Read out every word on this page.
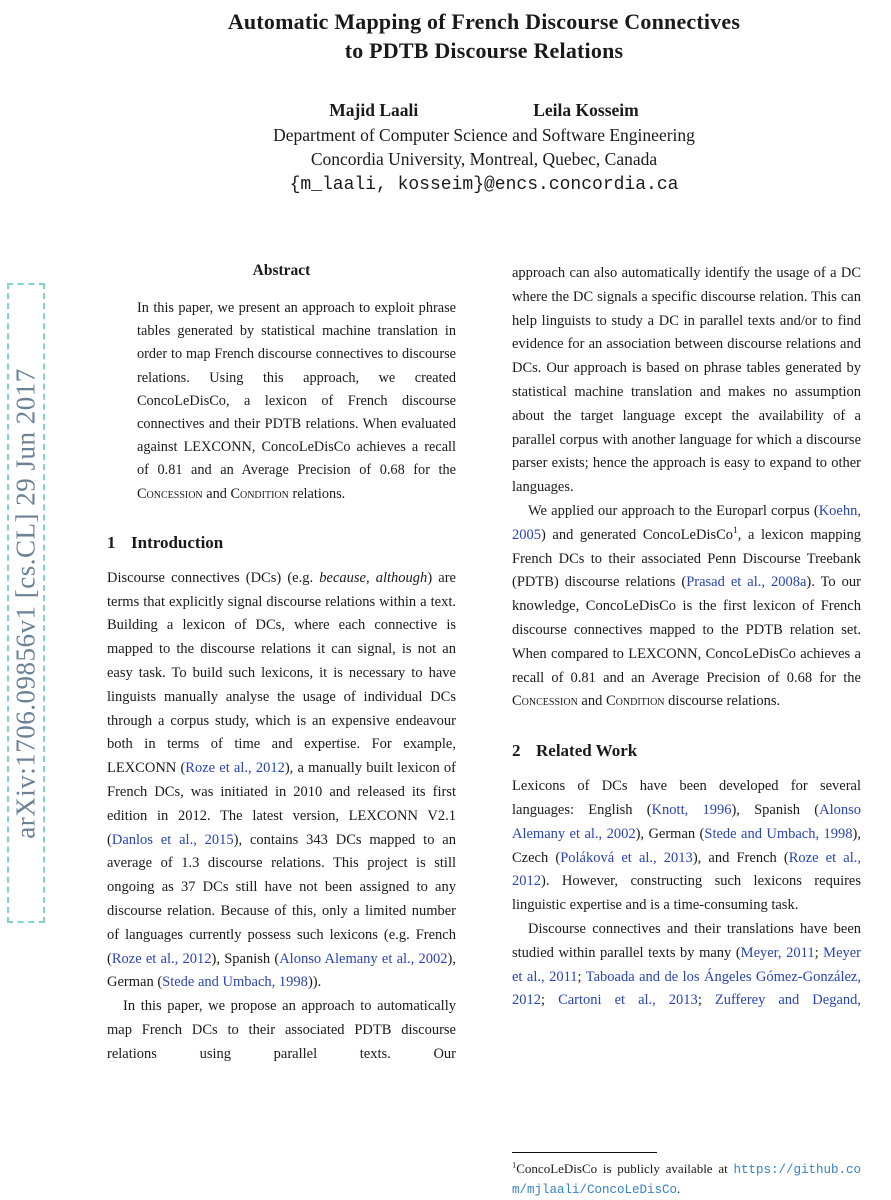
arXiv:1706.09856v1 [cs.CL] 29 Jun 2017
Automatic Mapping of French Discourse Connectives
to PDTB Discourse Relations
Majid Laali	Leila Kosseim
Department of Computer Science and Software Engineering
Concordia University, Montreal, Quebec, Canada
{m_laali, kosseim}@encs.concordia.ca
Abstract

In this paper, we present an approach to exploit phrase tables generated by statistical machine translation in order to map French discourse connectives to discourse relations. Using this approach, we created ConcoLeDisCo, a lexicon of French discourse connectives and their PDTB relations. When evaluated against LEXCONN, ConcoLeDisCo achieves a recall of 0.81 and an Average Precision of 0.68 for the Concession and Condition relations.

1 Introduction

Discourse connectives (DCs) (e.g. because, although) are terms that explicitly signal discourse relations within a text. Building a lexicon of DCs, where each connective is mapped to the discourse relations it can signal, is not an easy task. To build such lexicons, it is necessary to have linguists manually analyse the usage of individual DCs through a corpus study, which is an expensive endeavour both in terms of time and expertise. For example, LEXCONN (Roze et al., 2012), a manually built lexicon of French DCs, was initiated in 2010 and released its first edition in 2012. The latest version, LEXCONN V2.1 (Danlos et al., 2015), contains 343 DCs mapped to an average of 1.3 discourse relations. This project is still ongoing as 37 DCs still have not been assigned to any discourse relation. Because of this, only a limited number of languages currently possess such lexicons (e.g. French (Roze et al., 2012), Spanish (Alonso Alemany et al., 2002), German (Stede and Umbach, 1998)).

In this paper, we propose an approach to automatically map French DCs to their associated PDTB discourse relations using parallel texts. Our

approach can also automatically identify the usage of a DC where the DC signals a specific discourse relation. This can help linguists to study a DC in parallel texts and/or to find evidence for an association between discourse relations and DCs. Our approach is based on phrase tables generated by statistical machine translation and makes no assumption about the target language except the availability of a parallel corpus with another language for which a discourse parser exists; hence the approach is easy to expand to other languages.

We applied our approach to the Europarl corpus (Koehn, 2005) and generated ConcoLeDisCo$^1$, a lexicon mapping French DCs to their associated Penn Discourse Treebank (PDTB) discourse relations (Prasad et al., 2008a). To our knowledge, ConcoLeDisCo is the first lexicon of French discourse connectives mapped to the PDTB relation set. When compared to LEXCONN, ConcoLeDisCo achieves a recall of 0.81 and an Average Precision of 0.68 for the Concession and Condition discourse relations.

2 Related Work

Lexicons of DCs have been developed for several languages: English (Knott, 1996), Spanish (Alonso Alemany et al., 2002), German (Stede and Umbach, 1998), Czech (Poláková et al., 2013), and French (Roze et al., 2012). However, constructing such lexicons requires linguistic expertise and is a time-consuming task.

Discourse connectives and their translations have been studied within parallel texts by many (Meyer, 2011; Meyer et al., 2011; Taboada and de los Ángeles Gómez-González, 2012; Cartoni et al., 2013; Zufferey and Degand,

$^1$ConcoLeDisCo is publicly available at https://github.com/mjlaali/ConcoLeDisCo.
